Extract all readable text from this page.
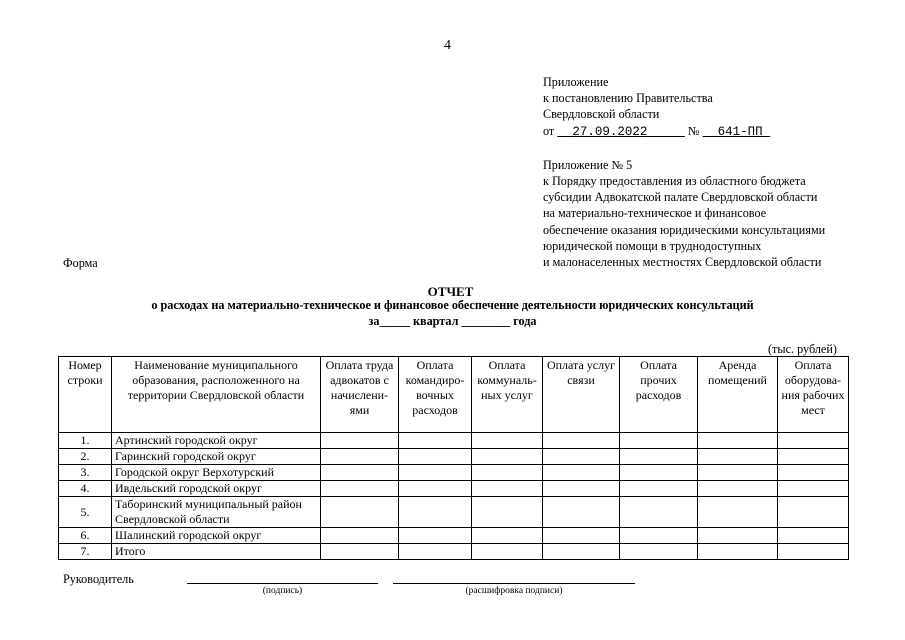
4
Приложение
к постановлению Правительства
Свердловской области
от 27.09.2022	№ 641-ПП
Приложение № 5
к Порядку предоставления из областного бюджета
субсидии Адвокатской палате Свердловской области
на материально-техническое и финансовое
обеспечение оказания юридическими консультациями
юридической помощи в труднодоступных
и малонаселенных местностях Свердловской области
Форма
ОТЧЕТ
о расходах на материально-техническое и финансовое обеспечение деятельности юридических консультаций
за_____ квартал ________ года
(тыс. рублей)
Номер строки	Наименование муниципального образования, расположенного на территории Свердловской области	Оплата труда адвокатов с начислени-ями	Оплата командиро-вочных расходов	Оплата коммуналь-ных услуг	Оплата услуг связи	Оплата прочих расходов	Аренда помещений	Оплата оборудова-ния рабочих мест
1.	Артинский городской округ							
2.	Гаринский городской округ							
3.	Городской округ Верхотурский							
4.	Ивдельский городской округ							
5.	Таборинский муниципальный район Свердловской области							
6.	Шалинский городской округ							
7.	Итого							
Руководитель
(подпись)	(расшифровка подписи)
